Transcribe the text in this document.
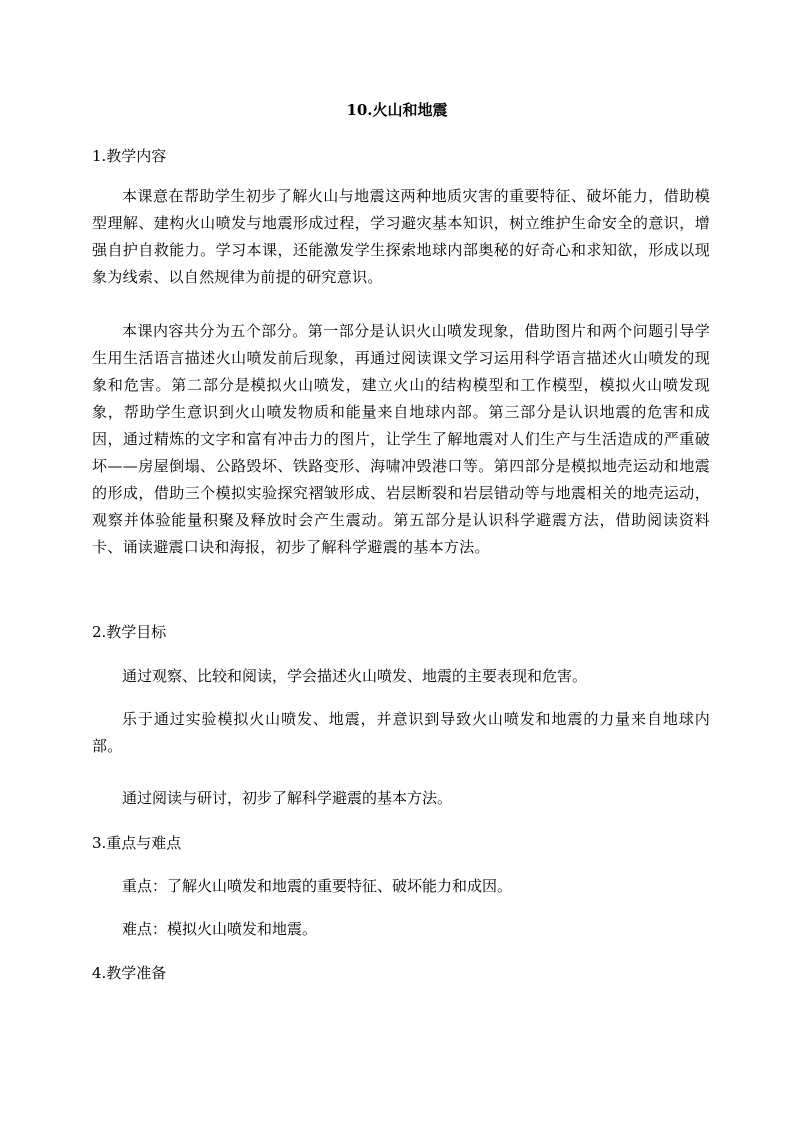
10.火山和地震
1.教学内容
本课意在帮助学生初步了解火山与地震这两种地质灾害的重要特征、破坏能力，借助模型理解、建构火山喷发与地震形成过程，学习避灾基本知识，树立维护生命安全的意识，增强自护自救能力。学习本课，还能激发学生探索地球内部奥秘的好奇心和求知欲，形成以现象为线索、以自然规律为前提的研究意识。
本课内容共分为五个部分。第一部分是认识火山喷发现象，借助图片和两个问题引导学生用生活语言描述火山喷发前后现象，再通过阅读课文学习运用科学语言描述火山喷发的现象和危害。第二部分是模拟火山喷发，建立火山的结构模型和工作模型，模拟火山喷发现象，帮助学生意识到火山喷发物质和能量来自地球内部。第三部分是认识地震的危害和成因，通过精炼的文字和富有冲击力的图片，让学生了解地震对人们生产与生活造成的严重破坏——房屋倒塌、公路毁坏、铁路变形、海啸冲毁港口等。第四部分是模拟地壳运动和地震的形成，借助三个模拟实验探究褶皱形成、岩层断裂和岩层错动等与地震相关的地壳运动，观察并体验能量积聚及释放时会产生震动。第五部分是认识科学避震方法，借助阅读资料卡、诵读避震口诀和海报，初步了解科学避震的基本方法。
2.教学目标
通过观察、比较和阅读，学会描述火山喷发、地震的主要表现和危害。
乐于通过实验模拟火山喷发、地震，并意识到导致火山喷发和地震的力量来自地球内部。
通过阅读与研讨，初步了解科学避震的基本方法。
3.重点与难点
重点：了解火山喷发和地震的重要特征、破坏能力和成因。
难点：模拟火山喷发和地震。
4.教学准备
